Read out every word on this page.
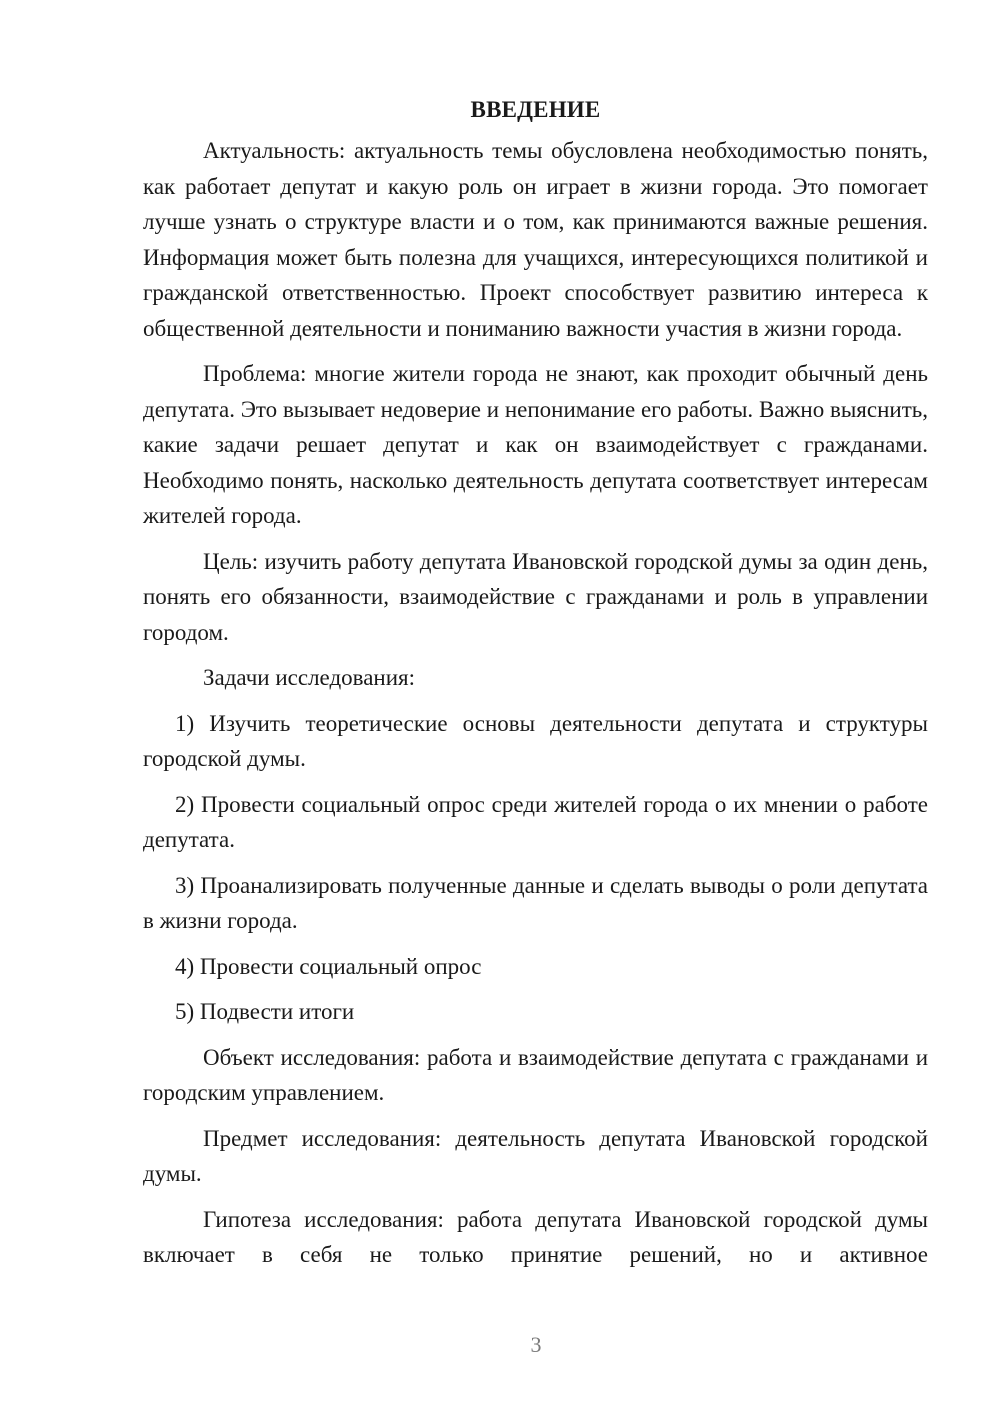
ВВЕДЕНИЕ

Актуальность: актуальность темы обусловлена необходимостью понять, как работает депутат и какую роль он играет в жизни города. Это помогает лучше узнать о структуре власти и о том, как принимаются важные решения. Информация может быть полезна для учащихся, интересующихся политикой и гражданской ответственностью. Проект способствует развитию интереса к общественной деятельности и пониманию важности участия в жизни города.

Проблема: многие жители города не знают, как проходит обычный день депутата. Это вызывает недоверие и непонимание его работы. Важно выяснить, какие задачи решает депутат и как он взаимодействует с гражданами. Необходимо понять, насколько деятельность депутата соответствует интересам жителей города.

Цель: изучить работу депутата Ивановской городской думы за один день, понять его обязанности, взаимодействие с гражданами и роль в управлении городом.

Задачи исследования:

1) Изучить теоретические основы деятельности депутата и структуры городской думы.

2) Провести социальный опрос среди жителей города о их мнении о работе депутата.

3) Проанализировать полученные данные и сделать выводы о роли депутата в жизни города.

4) Провести социальный опрос

5) Подвести итоги

Объект исследования: работа и взаимодействие депутата с гражданами и городским управлением.

Предмет исследования: деятельность депутата Ивановской городской думы.

Гипотеза исследования: работа депутата Ивановской городской думы включает в себя не только принятие решений, но и активное

3
